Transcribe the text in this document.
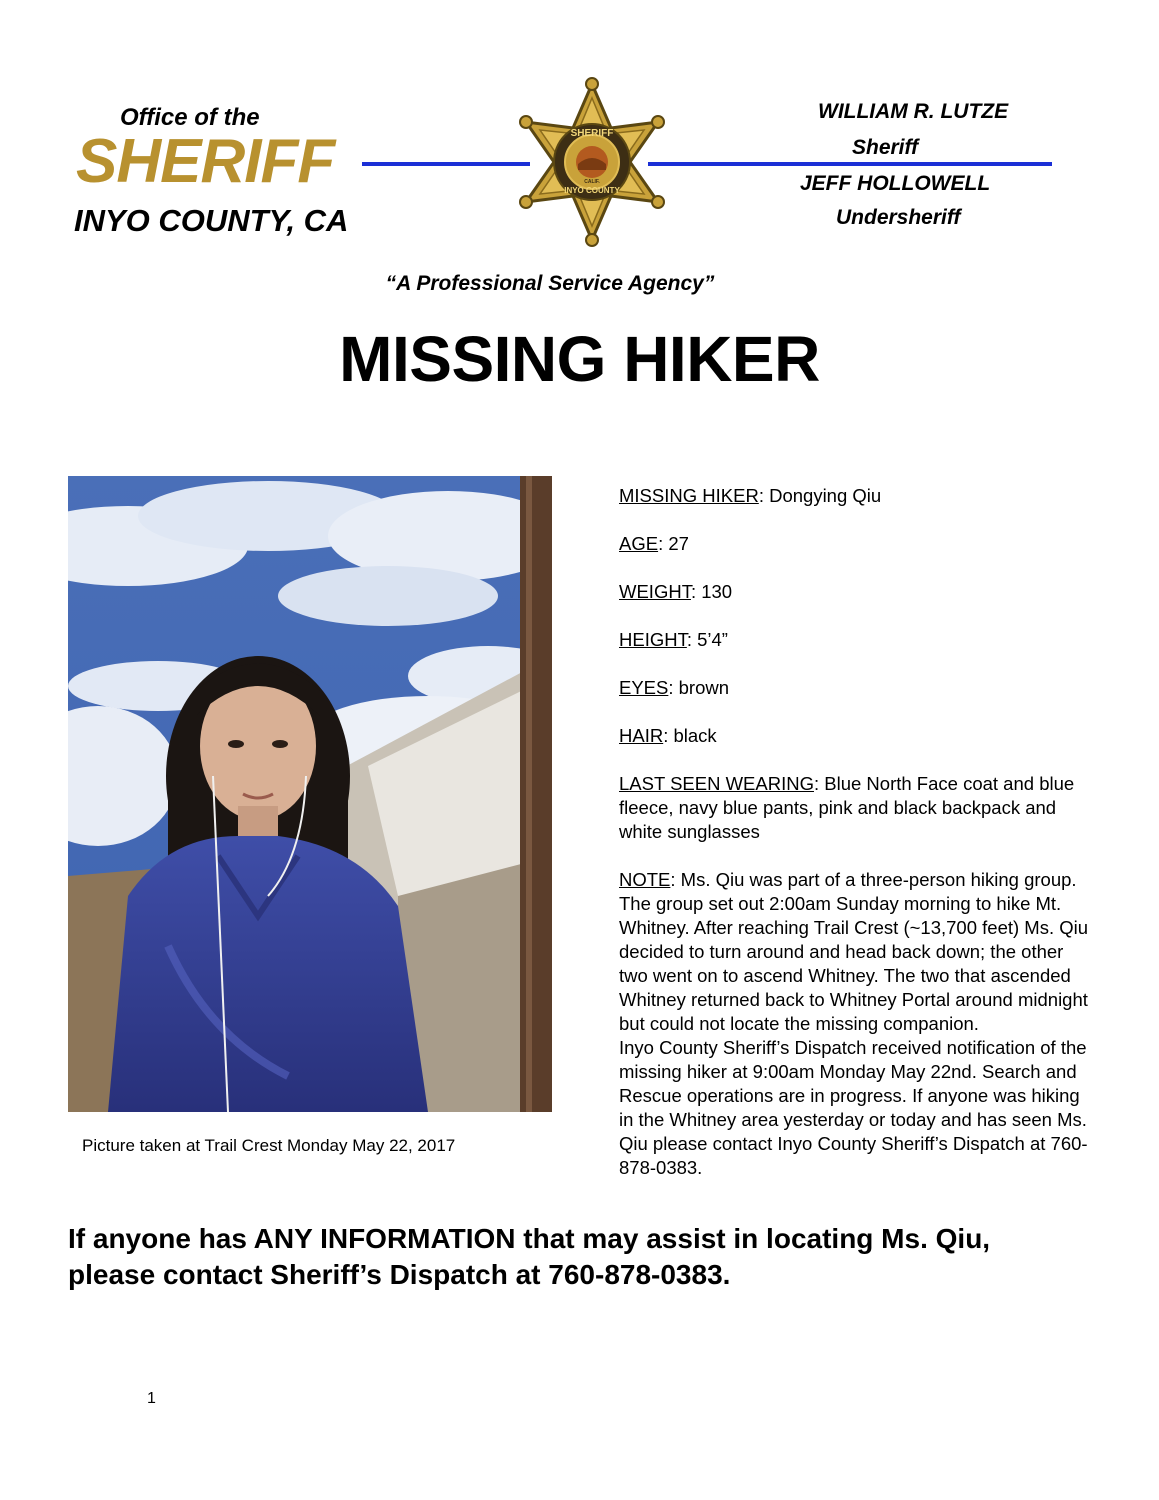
Office of the
SHERIFF
INYO COUNTY, CA
SHERIFF
INYO COUNTY
CALIF.
WILLIAM R. LUTZE
Sheriff
JEFF HOLLOWELL
Undersheriff
“A Professional Service Agency”
MISSING HIKER
Picture taken at Trail Crest Monday May 22, 2017
MISSING HIKER: Dongying Qiu
AGE: 27
WEIGHT: 130
HEIGHT: 5’4”
EYES: brown
HAIR: black
LAST SEEN WEARING: Blue North Face coat and blue fleece, navy blue pants, pink and black backpack and white sunglasses
NOTE: Ms. Qiu was part of a three-person hiking group. The group set out 2:00am Sunday morning to hike Mt. Whitney. After reaching Trail Crest (~13,700 feet) Ms. Qiu decided to turn around and head back down; the other two went on to ascend Whitney. The two that ascended Whitney returned back to Whitney Portal around midnight but could not locate the missing companion.
Inyo County Sheriff’s Dispatch received notification of the missing hiker at 9:00am Monday May 22nd. Search and Rescue operations are in progress. If anyone was hiking in the Whitney area yesterday or today and has seen Ms. Qiu please contact Inyo County Sheriff’s Dispatch at 760-878-0383.
If anyone has ANY INFORMATION that may assist in locating Ms. Qiu,
please contact Sheriff’s Dispatch at 760-878-0383.
1
